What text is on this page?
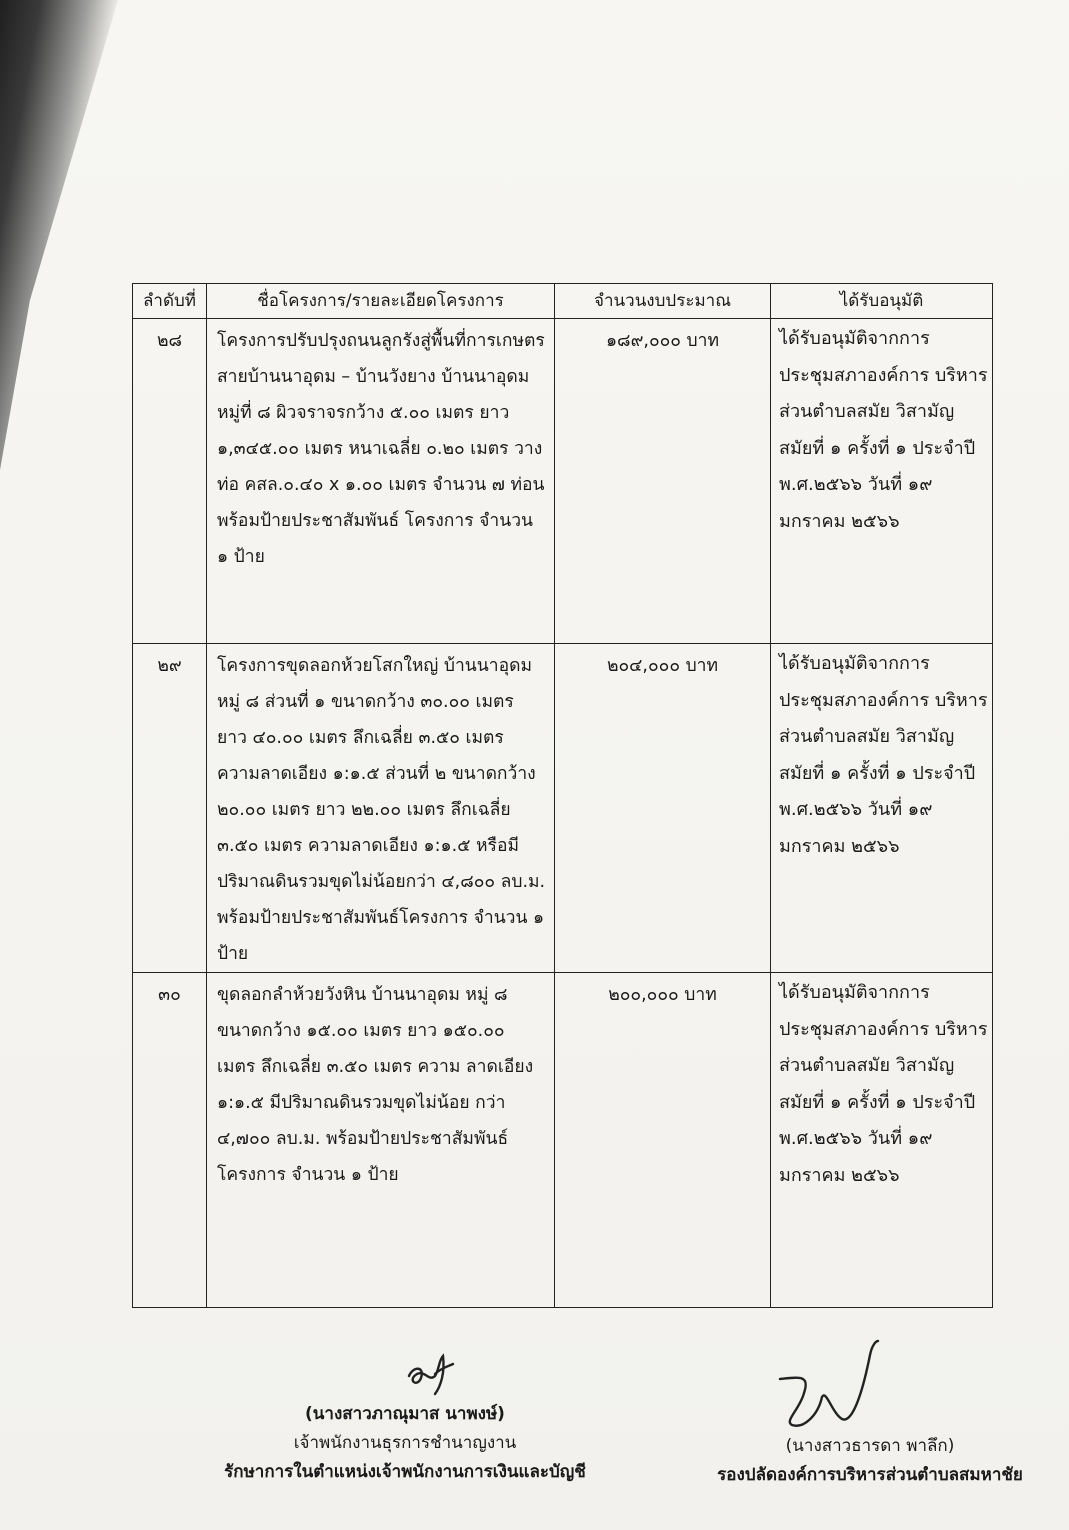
ลำดับที่	ชื่อโครงการ/รายละเอียดโครงการ	จำนวนงบประมาณ	ได้รับอนุมัติ
๒๘	โครงการปรับปรุงถนนลูกรังสู่พื้นที่การเกษตร สายบ้านนาอุดม – บ้านวังยาง บ้านนาอุดม หมู่ที่ ๘ ผิวจราจรกว้าง ๕.๐๐ เมตร ยาว ๑,๓๔๕.๐๐ เมตร หนาเฉลี่ย ๐.๒๐ เมตร วาง ท่อ คสล.๐.๔๐ x ๑.๐๐ เมตร จำนวน ๗ ท่อน พร้อมป้ายประชาสัมพันธ์ โครงการ จำนวน ๑ ป้าย	๑๘๙,๐๐๐ บาท	ได้รับอนุมัติจากการ ประชุมสภาองค์การ บริหารส่วนตำบลสมัย วิสามัญ สมัยที่ ๑ ครั้งที่ ๑ ประจำปี พ.ศ.๒๕๖๖ วันที่ ๑๙ มกราคม ๒๕๖๖
๒๙	โครงการขุดลอกห้วยโสกใหญ่ บ้านนาอุดม หมู่ ๘ ส่วนที่ ๑ ขนาดกว้าง ๓๐.๐๐ เมตร ยาว ๔๐.๐๐ เมตร ลึกเฉลี่ย ๓.๕๐ เมตร ความลาดเอียง ๑:๑.๕ ส่วนที่ ๒ ขนาดกว้าง ๒๐.๐๐ เมตร ยาว ๒๒.๐๐ เมตร ลึกเฉลี่ย ๓.๕๐ เมตร ความลาดเอียง ๑:๑.๕ หรือมี ปริมาณดินรวมขุดไม่น้อยกว่า ๔,๘๐๐ ลบ.ม. พร้อมป้ายประชาสัมพันธ์โครงการ จำนวน ๑ ป้าย	๒๐๔,๐๐๐ บาท	ได้รับอนุมัติจากการ ประชุมสภาองค์การ บริหารส่วนตำบลสมัย วิสามัญ สมัยที่ ๑ ครั้งที่ ๑ ประจำปี พ.ศ.๒๕๖๖ วันที่ ๑๙ มกราคม ๒๕๖๖
๓๐	ขุดลอกลำห้วยวังหิน บ้านนาอุดม หมู่ ๘ ขนาดกว้าง ๑๕.๐๐ เมตร ยาว ๑๕๐.๐๐ เมตร ลึกเฉลี่ย ๓.๕๐ เมตร ความ ลาดเอียง ๑:๑.๕ มีปริมาณดินรวมขุดไม่น้อย กว่า ๔,๗๐๐ ลบ.ม. พร้อมป้ายประชาสัมพันธ์ โครงการ จำนวน ๑ ป้าย	๒๐๐,๐๐๐ บาท	ได้รับอนุมัติจากการ ประชุมสภาองค์การ บริหารส่วนตำบลสมัย วิสามัญ สมัยที่ ๑ ครั้งที่ ๑ ประจำปี พ.ศ.๒๕๖๖ วันที่ ๑๙ มกราคม ๒๕๖๖
(นางสาวภาณุมาส นาพงษ์)
เจ้าพนักงานธุรการชำนาญงาน
รักษาการในตำแหน่งเจ้าพนักงานการเงินและบัญชี
(นางสาวธารดา พาลึก)
รองปลัดองค์การบริหารส่วนตำบลสมหาชัย
